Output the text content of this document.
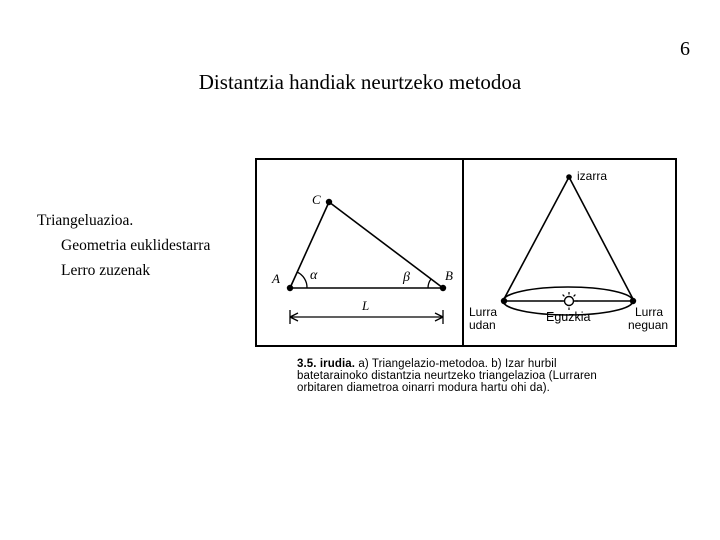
6
Distantzia handiak neurtzeko metodoa
Triangeluazioa.
Geometria euklidestarra
Lerro zuzenak	A	B
C
α	β
L
izarra
Lurra
udan
Lurra
neguan
Eguzkia
3.5. irudia. a) Triangelazio-metodoa. b) Izar hurbil
batetarainoko distantzia neurtzeko triangelazioa (Lurraren
orbitaren diametroa oinarri modura hartu ohi da).
